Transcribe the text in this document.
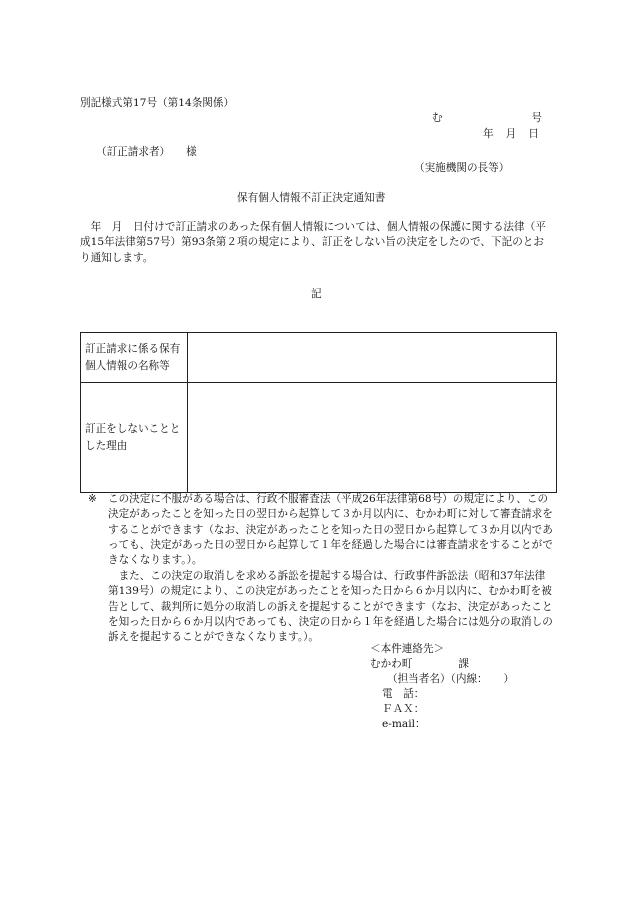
別記様式第17号（第14条関係）
む	号
年 月 日
（訂正請求者） 様
（実施機関の長等）
保有個人情報不訂正決定通知書
　年　月　日付けで訂正請求のあった保有個人情報については、個人情報の保護に関する法律（平成15年法律第57号）第93条第２項の規定により、訂正をしない旨の決定をしたので、下記のとおり通知します。
記
訂正請求に係る保有個人情報の名称等	
訂正をしないこととした理由	
※	この決定に不服がある場合は、行政不服審査法（平成26年法律第68号）の規定により、この決定があったことを知った日の翌日から起算して３か月以内に、むかわ町に対して審査請求をすることができます（なお、決定があったことを知った日の翌日から起算して３か月以内であっても、決定があった日の翌日から起算して１年を経過した場合には審査請求をすることができなくなります。）。
また、この決定の取消しを求める訴訟を提起する場合は、行政事件訴訟法（昭和37年法律第139号）の規定により、この決定があったことを知った日から６か月以内に、むかわ町を被告として、裁判所に処分の取消しの訴えを提起することができます（なお、決定があったことを知った日から６か月以内であっても、決定の日から１年を経過した場合には処分の取消しの訴えを提起することができなくなります。）。
＜本件連絡先＞
むかわ町	課
（担当者名）（内線：　　）
電　話：
ＦＡＸ：
e-mail：
